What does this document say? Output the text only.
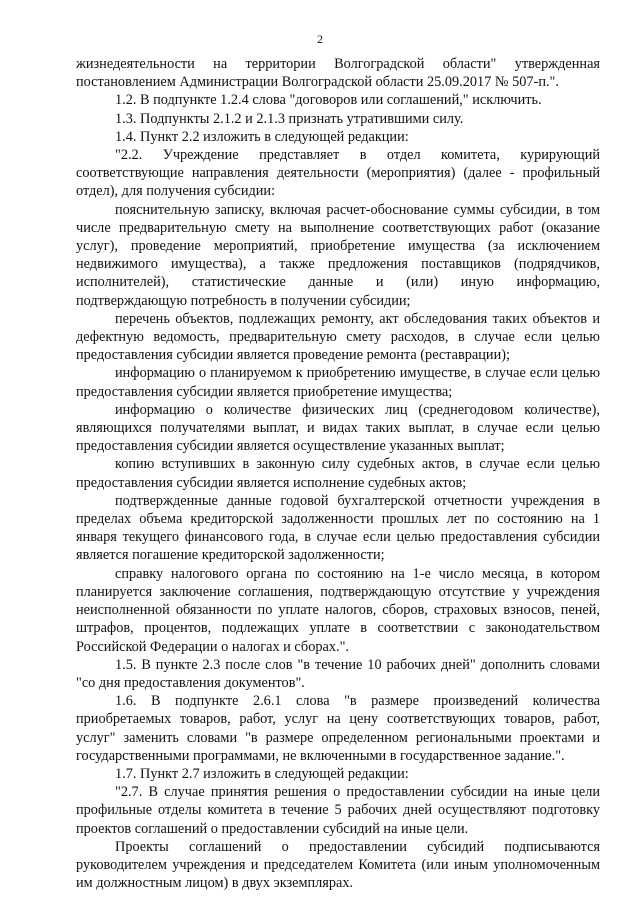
2

жизнедеятельности на территории Волгоградской области" утвержденная постановлением Администрации Волгоградской области 25.09.2017 № 507-п.".

1.2. В подпункте 1.2.4 слова "договоров или соглашений," исключить.

1.3. Подпункты 2.1.2 и 2.1.3 признать утратившими силу.

1.4. Пункт 2.2 изложить в следующей редакции:

"2.2. Учреждение представляет в отдел комитета, курирующий соответствующие направления деятельности (мероприятия) (далее - профильный отдел), для получения субсидии:

пояснительную записку, включая расчет-обоснование суммы субсидии, в том числе предварительную смету на выполнение соответствующих работ (оказание услуг), проведение мероприятий, приобретение имущества (за исключением недвижимого имущества), а также предложения поставщиков (подрядчиков, исполнителей), статистические данные и (или) иную информацию, подтверждающую потребность в получении субсидии;

перечень объектов, подлежащих ремонту, акт обследования таких объектов и дефектную ведомость, предварительную смету расходов, в случае если целью предоставления субсидии является проведение ремонта (реставрации);

информацию о планируемом к приобретению имуществе, в случае если целью предоставления субсидии является приобретение имущества;

информацию о количестве физических лиц (среднегодовом количестве), являющихся получателями выплат, и видах таких выплат, в случае если целью предоставления субсидии является осуществление указанных выплат;

копию вступивших в законную силу судебных актов, в случае если целью предоставления субсидии является исполнение судебных актов;

подтвержденные данные годовой бухгалтерской отчетности учреждения в пределах объема кредиторской задолженности прошлых лет по состоянию на 1 января текущего финансового года, в случае если целью предоставления субсидии является погашение кредиторской задолженности;

справку налогового органа по состоянию на 1-е число месяца, в котором планируется заключение соглашения, подтверждающую отсутствие у учреждения неисполненной обязанности по уплате налогов, сборов, страховых взносов, пеней, штрафов, процентов, подлежащих уплате в соответствии с законодательством Российской Федерации о налогах и сборах.".

1.5. В пункте 2.3 после слов "в течение 10 рабочих дней" дополнить словами "со дня предоставления документов".

1.6. В подпункте 2.6.1 слова "в размере произведений количества приобретаемых товаров, работ, услуг на цену соответствующих товаров, работ, услуг" заменить словами "в размере определенном региональными проектами и государственными программами, не включенными в государственное задание.".

1.7. Пункт 2.7 изложить в следующей редакции:

"2.7. В случае принятия решения о предоставлении субсидии на иные цели профильные отделы комитета в течение 5 рабочих дней осуществляют подготовку проектов соглашений о предоставлении субсидий на иные цели.

Проекты соглашений о предоставлении субсидий подписываются руководителем учреждения и председателем Комитета (или иным уполномоченным им должностным лицом) в двух экземплярах.
